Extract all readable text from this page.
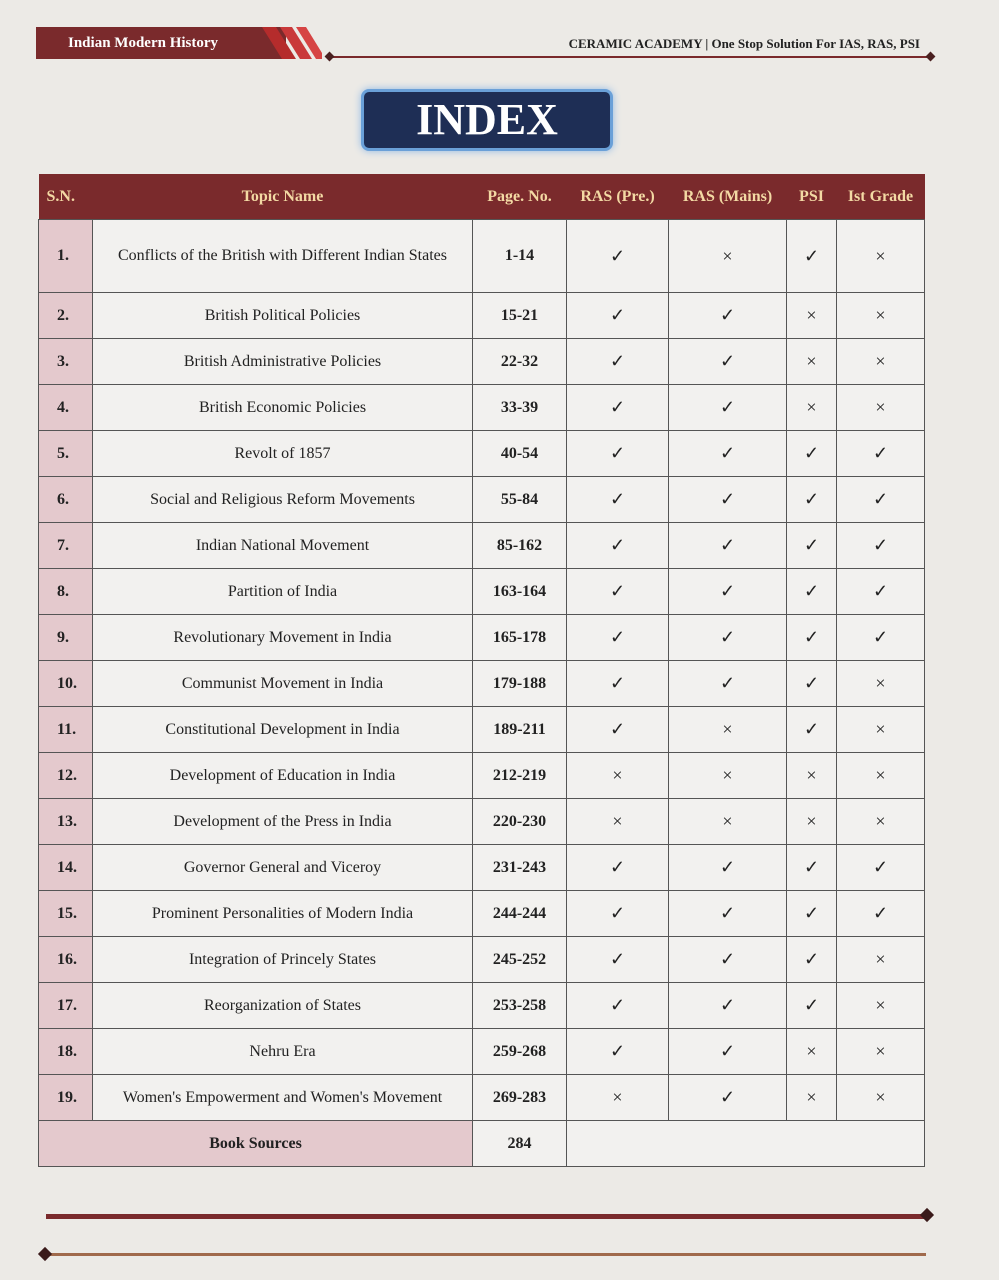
Indian Modern History	CERAMIC ACADEMY | One Stop Solution For IAS, RAS, PSI
INDEX
S.N.	Topic Name	Page. No.	RAS (Pre.)	RAS (Mains)	PSI	Ist Grade
1.	Conflicts of the British with Different Indian States	1-14	✓	×	✓	×
2.	British Political Policies	15-21	✓	✓	×	×
3.	British Administrative Policies	22-32	✓	✓	×	×
4.	British Economic Policies	33-39	✓	✓	×	×
5.	Revolt of 1857	40-54	✓	✓	✓	✓
6.	Social and Religious Reform Movements	55-84	✓	✓	✓	✓
7.	Indian National Movement	85-162	✓	✓	✓	✓
8.	Partition of India	163-164	✓	✓	✓	✓
9.	Revolutionary Movement in India	165-178	✓	✓	✓	✓
10.	Communist Movement in India	179-188	✓	✓	✓	×
11.	Constitutional Development in India	189-211	✓	×	✓	×
12.	Development of Education in India	212-219	×	×	×	×
13.	Development of the Press in India	220-230	×	×	×	×
14.	Governor General and Viceroy	231-243	✓	✓	✓	✓
15.	Prominent Personalities of Modern India	244-244	✓	✓	✓	✓
16.	Integration of Princely States	245-252	✓	✓	✓	×
17.	Reorganization of States	253-258	✓	✓	✓	×
18.	Nehru Era	259-268	✓	✓	×	×
19.	Women's Empowerment and Women's Movement	269-283	×	✓	×	×
Book Sources		284				
